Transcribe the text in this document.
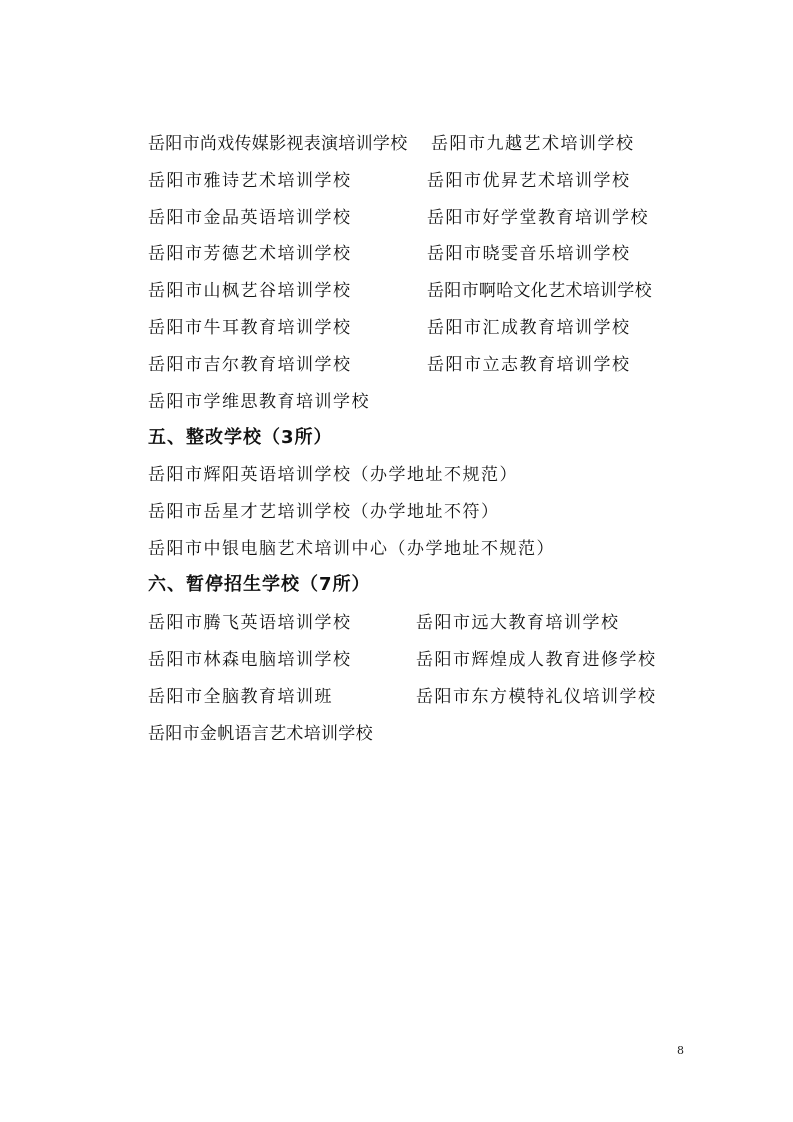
岳阳市尚戏传媒影视表演培训学校 岳阳市九越艺术培训学校
岳阳市雅诗艺术培训学校	岳阳市优昇艺术培训学校
岳阳市金品英语培训学校	岳阳市好学堂教育培训学校
岳阳市芳德艺术培训学校	岳阳市晓雯音乐培训学校
岳阳市山枫艺谷培训学校	岳阳市啊哈文化艺术培训学校
岳阳市牛耳教育培训学校	岳阳市汇成教育培训学校
岳阳市吉尔教育培训学校	岳阳市立志教育培训学校
岳阳市学维思教育培训学校
五、整改学校（3所）
岳阳市辉阳英语培训学校（办学地址不规范）
岳阳市岳星才艺培训学校（办学地址不符）
岳阳市中银电脑艺术培训中心（办学地址不规范）
六、暂停招生学校（7所）
岳阳市腾飞英语培训学校	岳阳市远大教育培训学校
岳阳市林森电脑培训学校	岳阳市辉煌成人教育进修学校
岳阳市全脑教育培训班	岳阳市东方模特礼仪培训学校
岳阳市金帆语言艺术培训学校
8
